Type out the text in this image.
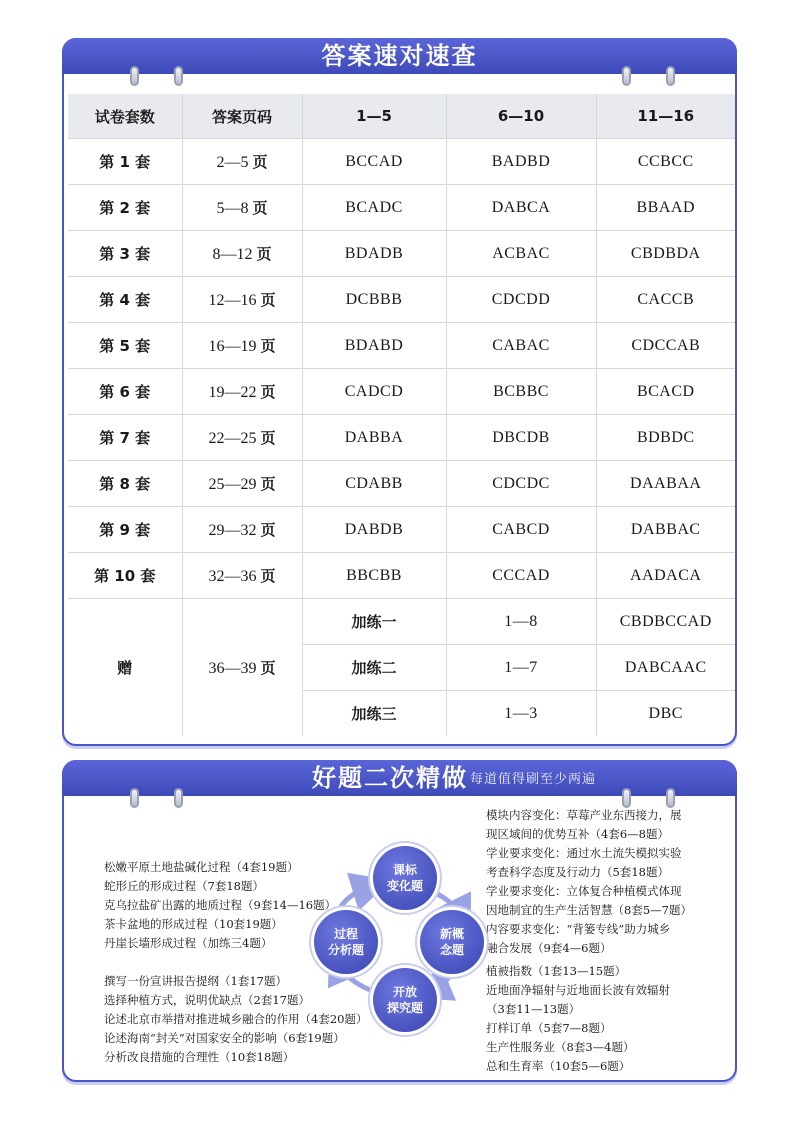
答案速对速查
试卷套数	答案页码	1—5	6—10	11—16
第 1 套	2—5 页	BCCAD	BADBD	CCBCC
第 2 套	5—8 页	BCADC	DABCA	BBAAD
第 3 套	8—12 页	BDADB	ACBAC	CBDBDA
第 4 套	12—16 页	DCBBB	CDCDD	CACCB
第 5 套	16—19 页	BDABD	CABAC	CDCCAB
第 6 套	19—22 页	CADCD	BCBBC	BCACD
第 7 套	22—25 页	DABBA	DBCDB	BDBDC
第 8 套	25—29 页	CDABB	CDCDC	DAABAA
第 9 套	29—32 页	DABDB	CABCD	DABBAC
第 10 套	32—36 页	BBCBB	CCCAD	AADACA
赠	36—39 页	加练一	1—8	CBDBCCAD
		加练二	1—7	DABCAAC
		加练三	1—3	DBC
好题二次精做 每道值得刷至少两遍
松嫩平原土地盐碱化过程（4套19题）
蛇形丘的形成过程（7套18题）
克乌拉盐矿出露的地质过程（9套14—16题）
茶卡盆地的形成过程（10套19题）
丹崖长墙形成过程（加练三4题）
撰写一份宣讲报告提纲（1套17题）
选择种植方式，说明优缺点（2套17题）
论述北京市举措对推进城乡融合的作用（4套20题）
论述海南“封关”对国家安全的影响（6套19题）
分析改良措施的合理性（10套18题）
模块内容变化：草莓产业东西接力，展
现区域间的优势互补（4套6—8题）
学业要求变化：通过水土流失模拟实验
考查科学态度及行动力（5套18题）
学业要求变化：立体复合种植模式体现
因地制宜的生产生活智慧（8套5—7题）
内容要求变化：“背篓专线”助力城乡
融合发展（9套4—6题）
植被指数（1套13—15题）
近地面净辐射与近地面长波有效辐射
（3套11—13题）
打样订单（5套7—8题）
生产性服务业（8套3—4题）
总和生育率（10套5—6题）
课标
变化题
新概
念题
开放
探究题
过程
分析题
